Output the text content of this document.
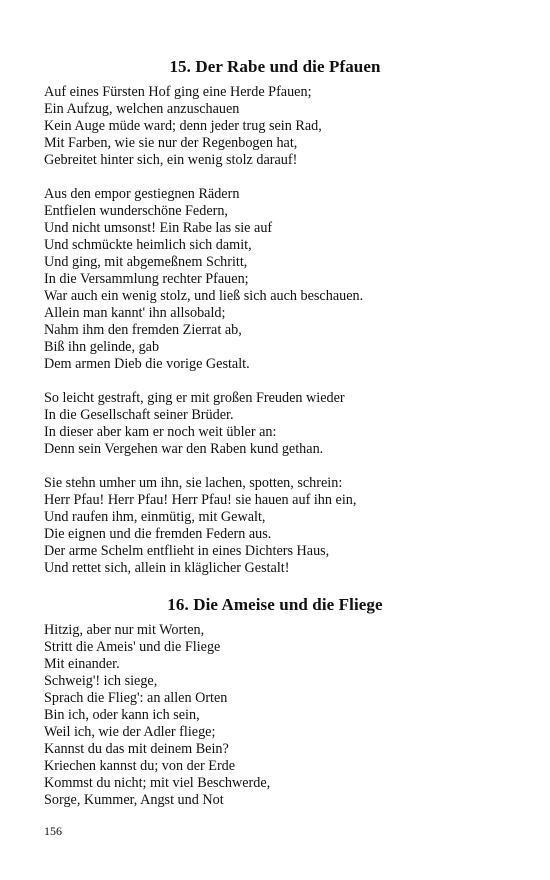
15. Der Rabe und die Pfauen
Auf eines Fürsten Hof ging eine Herde Pfauen;
Ein Aufzug, welchen anzuschauen
Kein Auge müde ward; denn jeder trug sein Rad,
Mit Farben, wie sie nur der Regenbogen hat,
Gebreitet hinter sich, ein wenig stolz darauf!
Aus den empor gestiegnen Rädern
Entfielen wunderschöne Federn,
Und nicht umsonst! Ein Rabe las sie auf
Und schmückte heimlich sich damit,
Und ging, mit abgemeßnem Schritt,
In die Versammlung rechter Pfauen;
War auch ein wenig stolz, und ließ sich auch beschauen.
Allein man kannt' ihn allsobald;
Nahm ihm den fremden Zierrat ab,
Biß ihn gelinde, gab
Dem armen Dieb die vorige Gestalt.
So leicht gestraft, ging er mit großen Freuden wieder
In die Gesellschaft seiner Brüder.
In dieser aber kam er noch weit übler an:
Denn sein Vergehen war den Raben kund gethan.
Sie stehn umher um ihn, sie lachen, spotten, schrein:
Herr Pfau! Herr Pfau! Herr Pfau! sie hauen auf ihn ein,
Und raufen ihm, einmütig, mit Gewalt,
Die eignen und die fremden Federn aus.
Der arme Schelm entflieht in eines Dichters Haus,
Und rettet sich, allein in kläglicher Gestalt!
16. Die Ameise und die Fliege
Hitzig, aber nur mit Worten,
Stritt die Ameis' und die Fliege
Mit einander.
Schweig'! ich siege,
Sprach die Flieg': an allen Orten
Bin ich, oder kann ich sein,
Weil ich, wie der Adler fliege;
Kannst du das mit deinem Bein?
Kriechen kannst du; von der Erde
Kommst du nicht; mit viel Beschwerde,
Sorge, Kummer, Angst und Not
156
